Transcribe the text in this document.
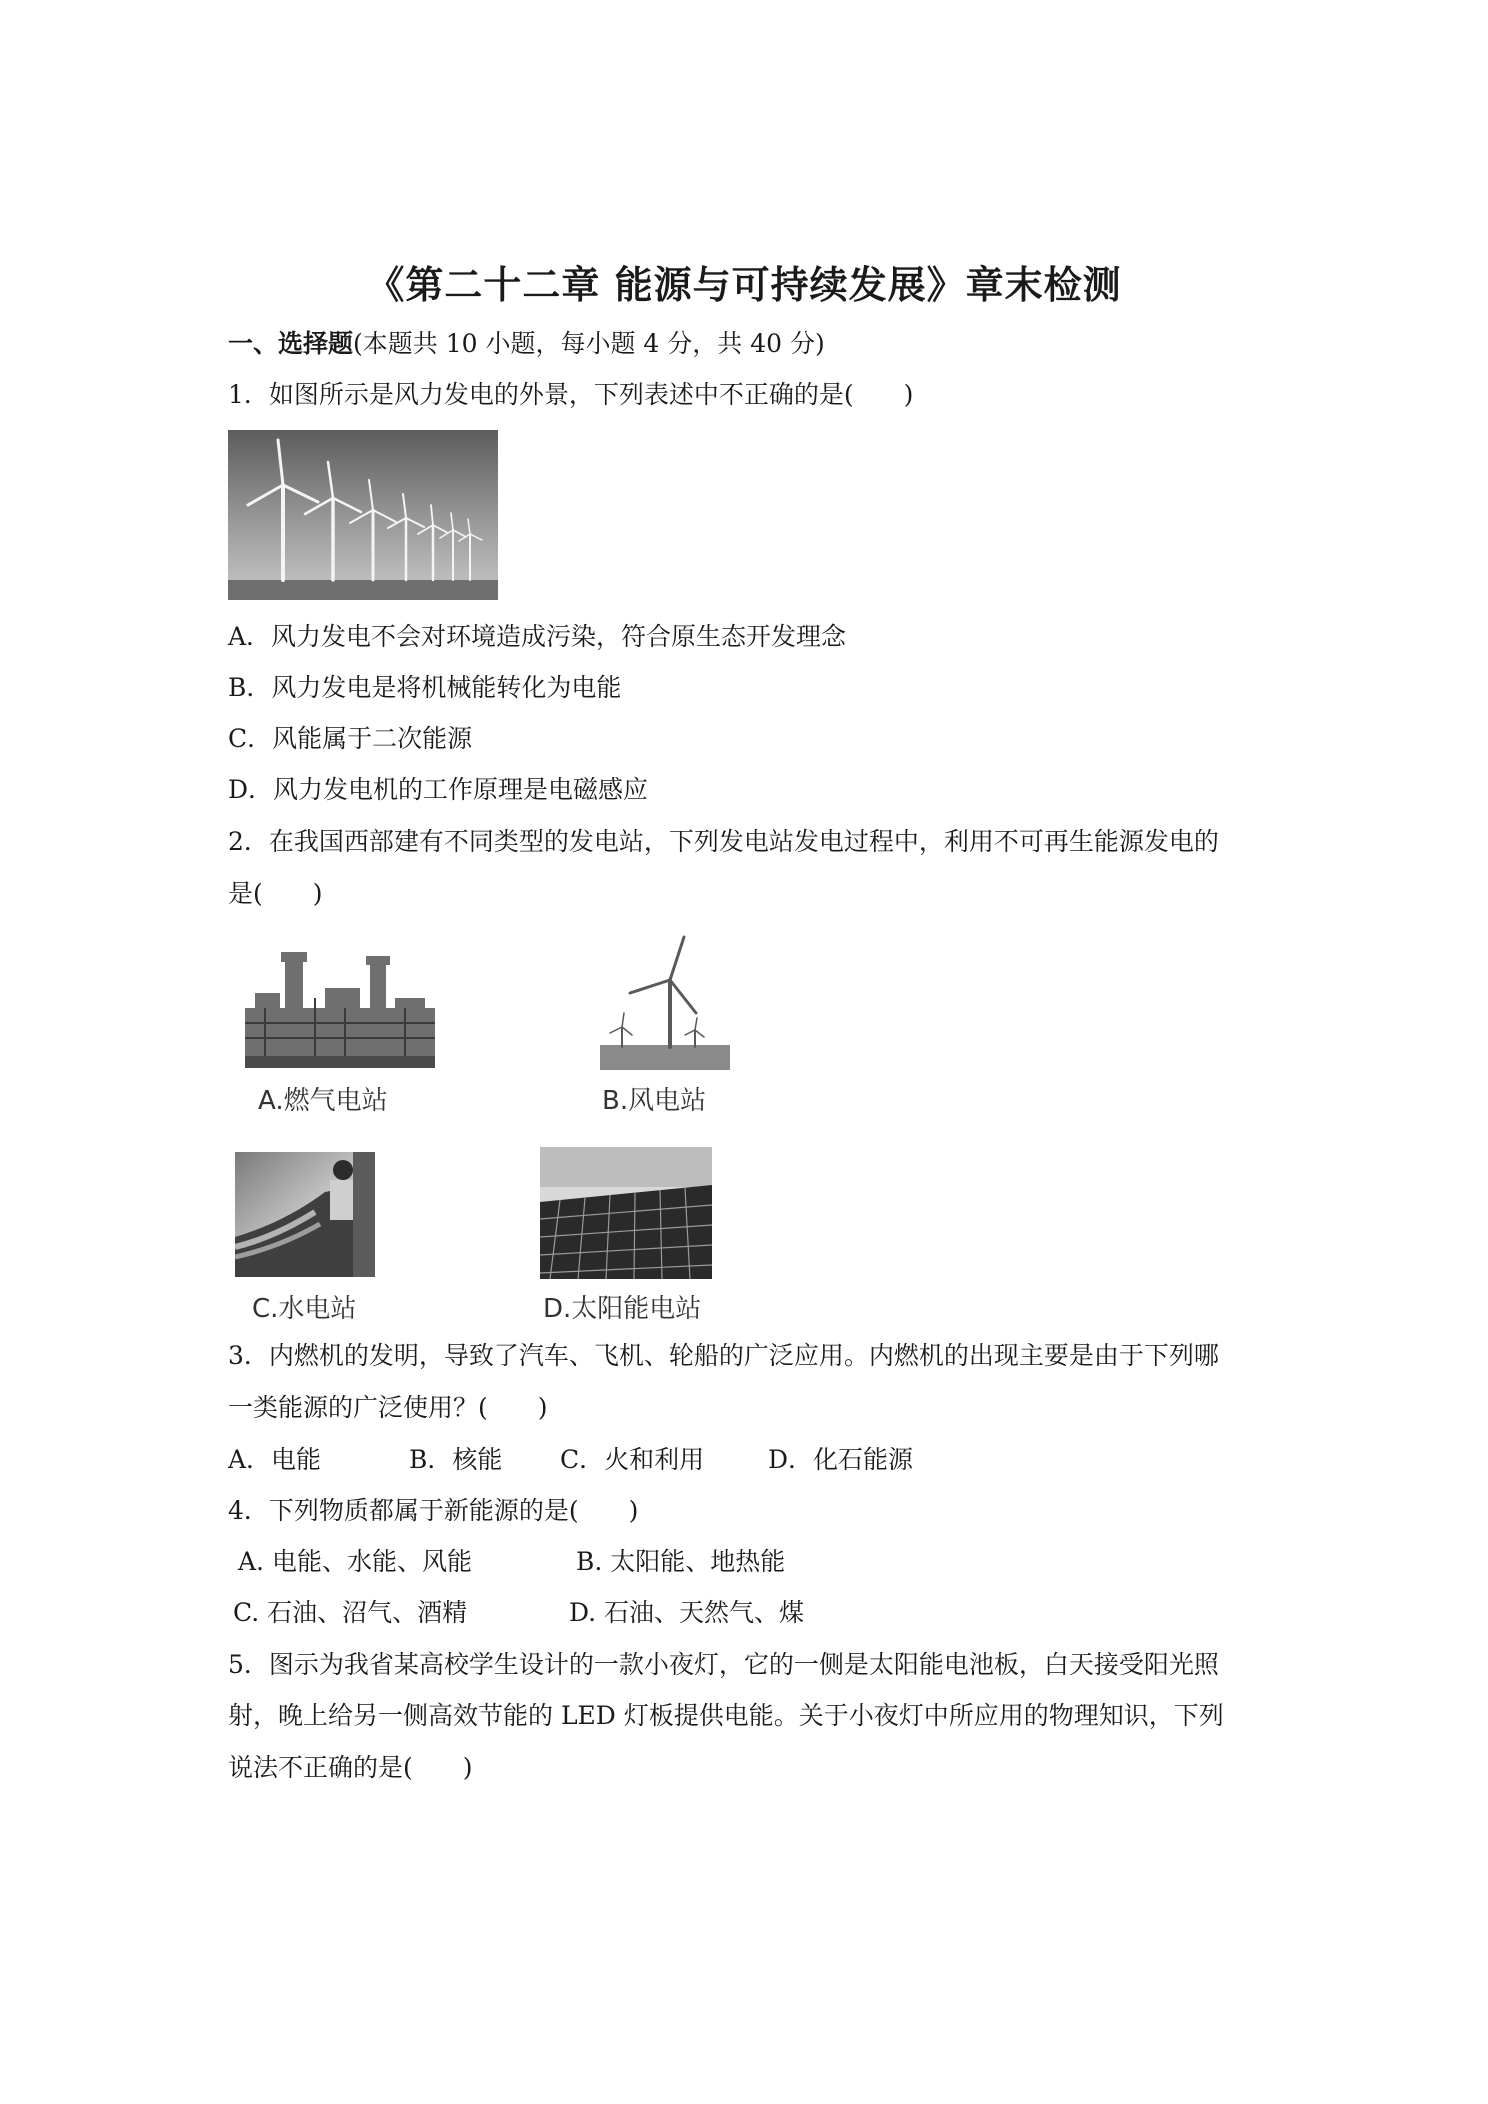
《第二十二章 能源与可持续发展》章末检测
一、选择题(本题共 10 小题，每小题 4 分，共 40 分)
1．如图所示是风力发电的外景，下列表述中不正确的是(　　)
A．风力发电不会对环境造成污染，符合原生态开发理念
B．风力发电是将机械能转化为电能
C．风能属于二次能源
D．风力发电机的工作原理是电磁感应
2．在我国西部建有不同类型的发电站，下列发电站发电过程中，利用不可再生能源发电的
是(　　)
A.燃气电站	B.风电站
C.水电站	D.太阳能电站
3．内燃机的发明，导致了汽车、飞机、轮船的广泛应用。内燃机的出现主要是由于下列哪
一类能源的广泛使用？(　　)
A．电能	B．核能 C．火和利用	D．化石能源
4．下列物质都属于新能源的是(　　)
A. 电能、水能、风能	B. 太阳能、地热能
C. 石油、沼气、酒精	D. 石油、天然气、煤
5．图示为我省某高校学生设计的一款小夜灯，它的一侧是太阳能电池板，白天接受阳光照
射，晚上给另一侧高效节能的 LED 灯板提供电能。关于小夜灯中所应用的物理知识，下列
说法不正确的是(　　)
